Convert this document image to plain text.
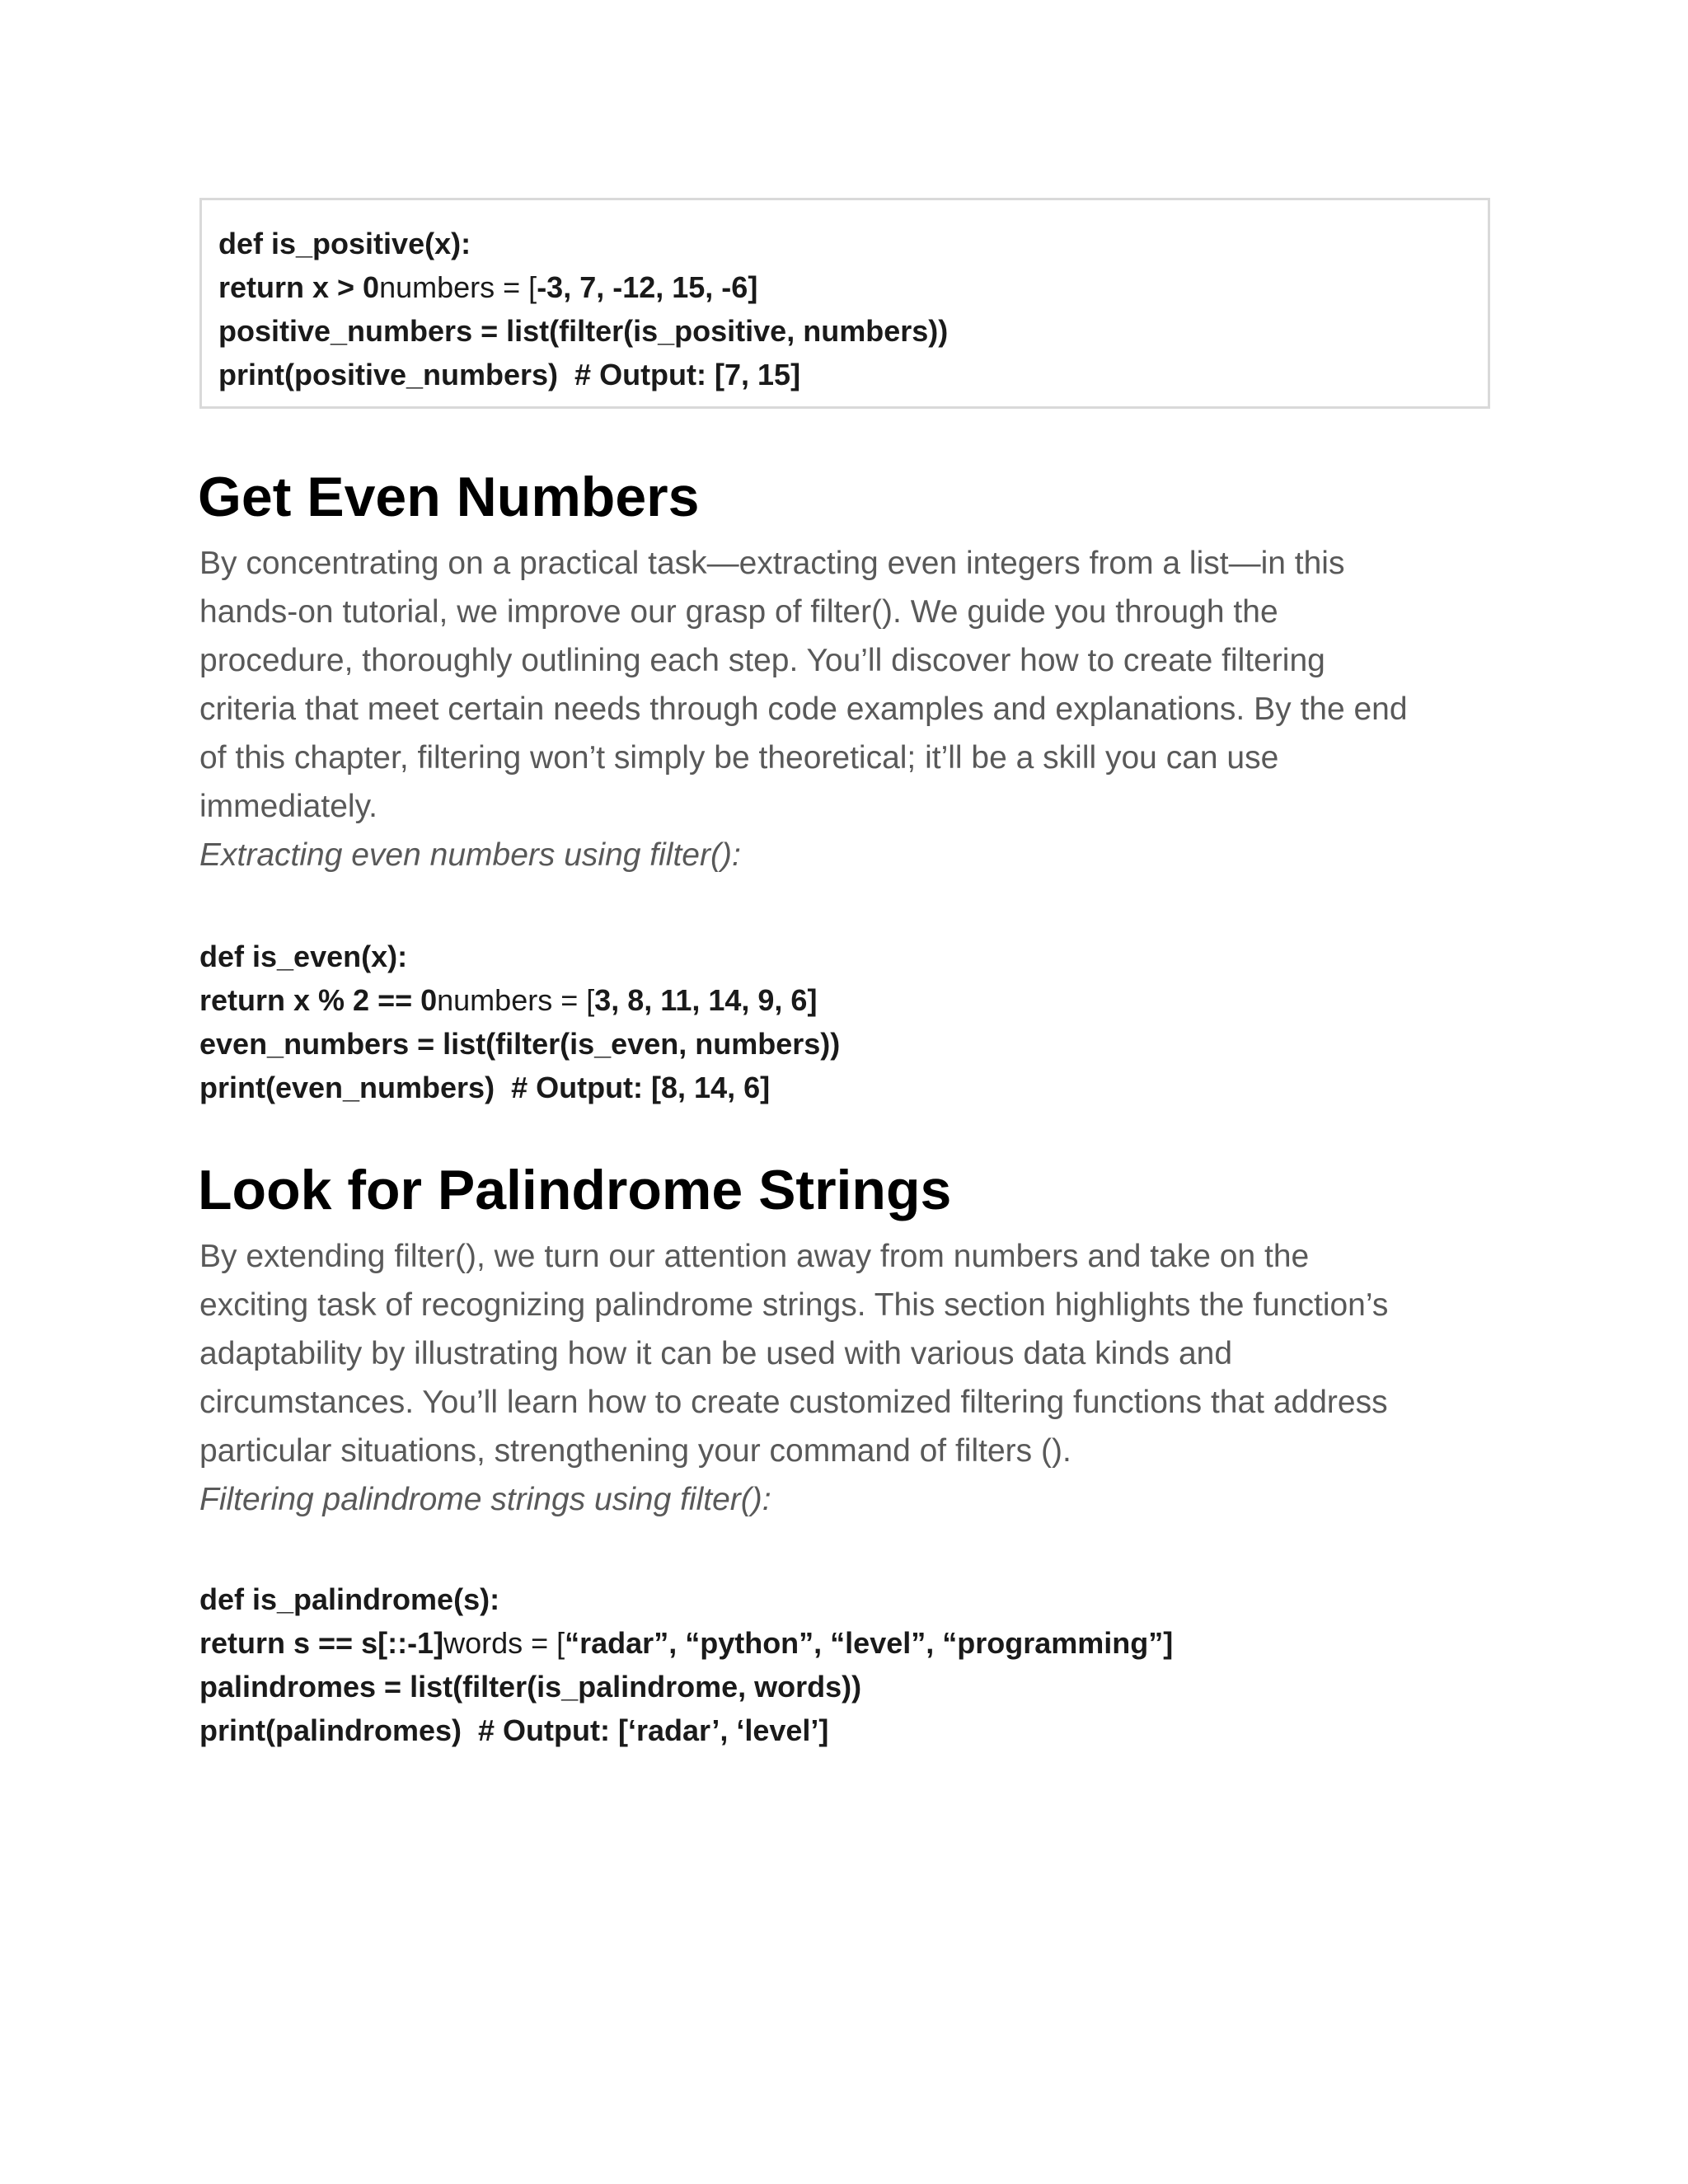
def is_positive(x):
return x > 0numbers = [-3, 7, -12, 15, -6]
positive_numbers = list(filter(is_positive, numbers))
print(positive_numbers)  # Output: [7, 15]
Get Even Numbers
By concentrating on a practical task—extracting even integers from a list—in this
hands-on tutorial, we improve our grasp of filter(). We guide you through the
procedure, thoroughly outlining each step. You’ll discover how to create filtering
criteria that meet certain needs through code examples and explanations. By the end
of this chapter, filtering won’t simply be theoretical; it’ll be a skill you can use
immediately.

Extracting even numbers using filter():

def is_even(x):
return x % 2 == 0numbers = [3, 8, 11, 14, 9, 6]
even_numbers = list(filter(is_even, numbers))
print(even_numbers)  # Output: [8, 14, 6]
Look for Palindrome Strings
By extending filter(), we turn our attention away from numbers and take on the
exciting task of recognizing palindrome strings. This section highlights the function’s
adaptability by illustrating how it can be used with various data kinds and
circumstances. You’ll learn how to create customized filtering functions that address
particular situations, strengthening your command of filters ().

Filtering palindrome strings using filter():

def is_palindrome(s):
return s == s[::-1]words = [“radar”, “python”, “level”, “programming”]
palindromes = list(filter(is_palindrome, words))
print(palindromes)  # Output: [‘radar’, ‘level’]
